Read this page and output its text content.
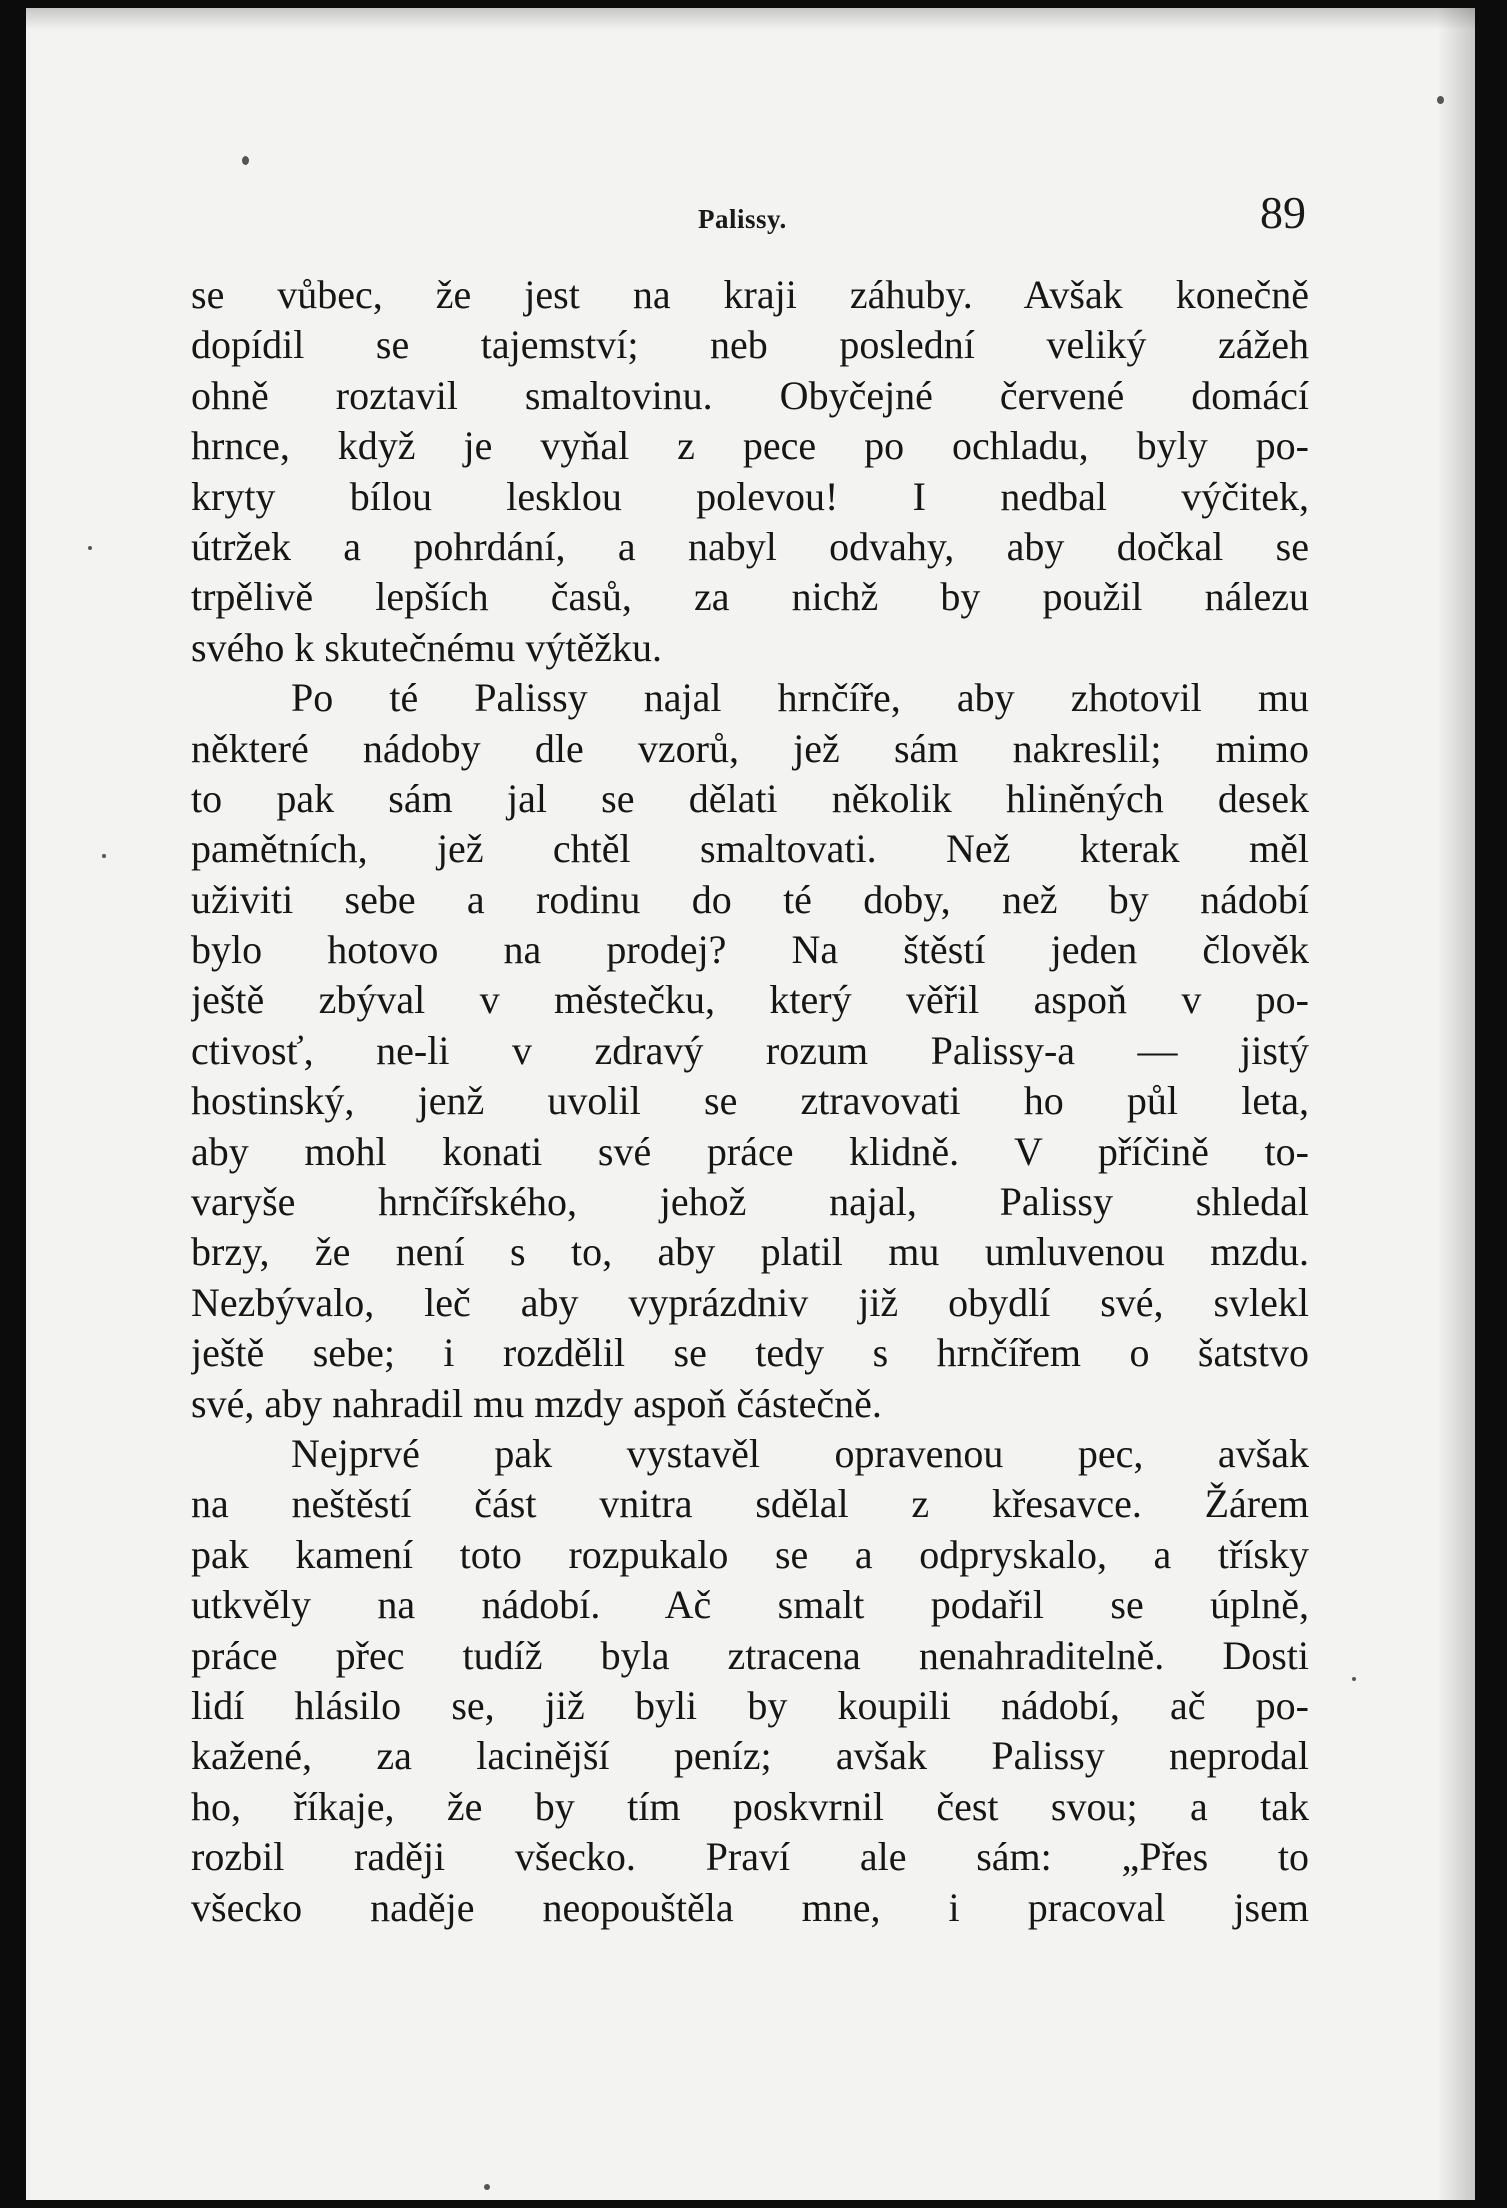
Palissy.	89
se vůbec, že jest na kraji záhuby. Avšak konečně
dopídil se tajemství; neb poslední veliký zážeh
ohně roztavil smaltovinu. Obyčejné červené domácí
hrnce, když je vyňal z pece po ochladu, byly po-
kryty bílou lesklou polevou! I nedbal výčitek,
útržek a pohrdání, a nabyl odvahy, aby dočkal se
trpělivě lepších časů, za nichž by použil nálezu
svého k skutečnému výtěžku.
Po té Palissy najal hrnčíře, aby zhotovil mu
některé nádoby dle vzorů, jež sám nakreslil; mimo
to pak sám jal se dělati několik hliněných desek
pamětních, jež chtěl smaltovati. Než kterak měl
uživiti sebe a rodinu do té doby, než by nádobí
bylo hotovo na prodej? Na štěstí jeden člověk
ještě zbýval v městečku, který věřil aspoň v po-
ctivosť, ne-li v zdravý rozum Palissy-a — jistý
hostinský, jenž uvolil se ztravovati ho půl leta,
aby mohl konati své práce klidně. V příčině to-
varyše hrnčířského, jehož najal, Palissy shledal
brzy, že není s to, aby platil mu umluvenou mzdu.
Nezbývalo, leč aby vyprázdniv již obydlí své, svlekl
ještě sebe; i rozdělil se tedy s hrnčířem o šatstvo
své, aby nahradil mu mzdy aspoň částečně.
Nejprvé pak vystavěl opravenou pec, avšak
na neštěstí část vnitra sdělal z křesavce. Žárem
pak kamení toto rozpukalo se a odpryskalo, a třísky
utkvěly na nádobí. Ač smalt podařil se úplně,
práce přec tudíž byla ztracena nenahraditelně. Dosti
lidí hlásilo se, již byli by koupili nádobí, ač po-
kažené, za lacinější peníz; avšak Palissy neprodal
ho, říkaje, že by tím poskvrnil čest svou; a tak
rozbil raději všecko. Praví ale sám: „Přes to
všecko naděje neopouštěla mne, i pracoval jsem
